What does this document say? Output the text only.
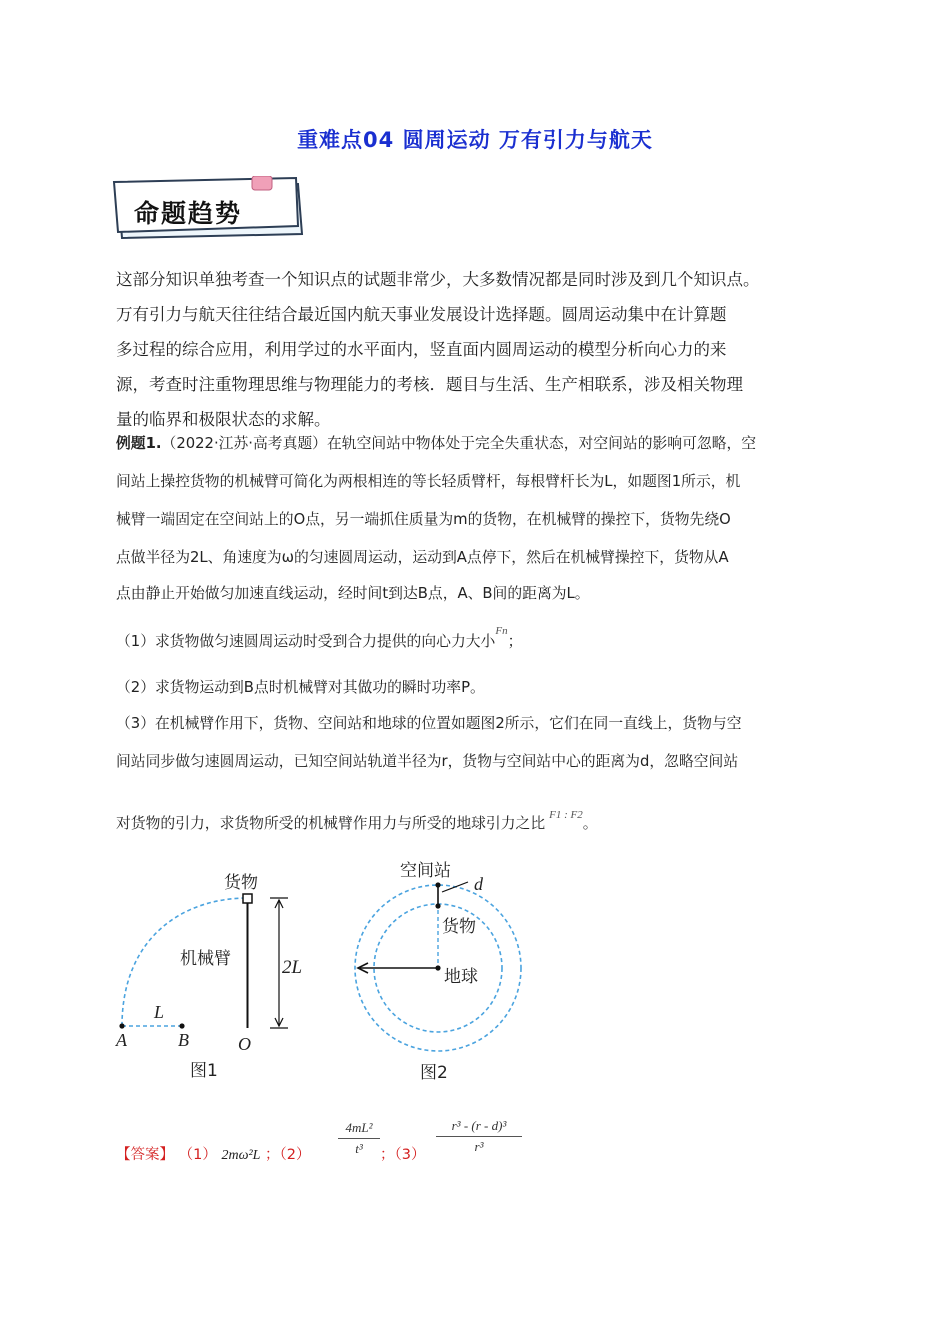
重难点04 圆周运动 万有引力与航天
命题趋势
这部分知识单独考查一个知识点的试题非常少，大多数情况都是同时涉及到几个知识点。
万有引力与航天往往结合最近国内航天事业发展设计选择题。圆周运动集中在计算题
多过程的综合应用，利用学过的水平面内，竖直面内圆周运动的模型分析向心力的来
源，考查时注重物理思维与物理能力的考核．题目与生活、生产相联系，涉及相关物理
量的临界和极限状态的求解。
例题1.（2022·江苏·高考真题）在轨空间站中物体处于完全失重状态，对空间站的影响可忽略，空
间站上操控货物的机械臂可简化为两根相连的等长轻质臂杆，每根臂杆长为L，如题图1所示，机
械臂一端固定在空间站上的O点，另一端抓住质量为m的货物，在机械臂的操控下，货物先绕O
点做半径为2L、角速度为ω的匀速圆周运动，运动到A点停下，然后在机械臂操控下，货物从A
点由静止开始做匀加速直线运动，经时间t到达B点，A、B间的距离为L。
（1）求货物做匀速圆周运动时受到合力提供的向心力大小$^{Fn}$；
（2）求货物运动到B点时机械臂对其做功的瞬时功率P。
（3）在机械臂作用下，货物、空间站和地球的位置如题图2所示，它们在同一直线上，货物与空
间站同步做匀速圆周运动，已知空间站轨道半径为r，货物与空间站中心的距离为d，忽略空间站
对货物的引力，求货物所受的机械臂作用力与所受的地球引力之比 $^{F1 : F2}$。
货物
机械臂	2L
L
A	B	O
图1
空间站
d
货物
地球
图2
【答案】 （1） 2mω²L ；（2）
4mL²
t³	；（3）
r³ - (r - d)³
r³
